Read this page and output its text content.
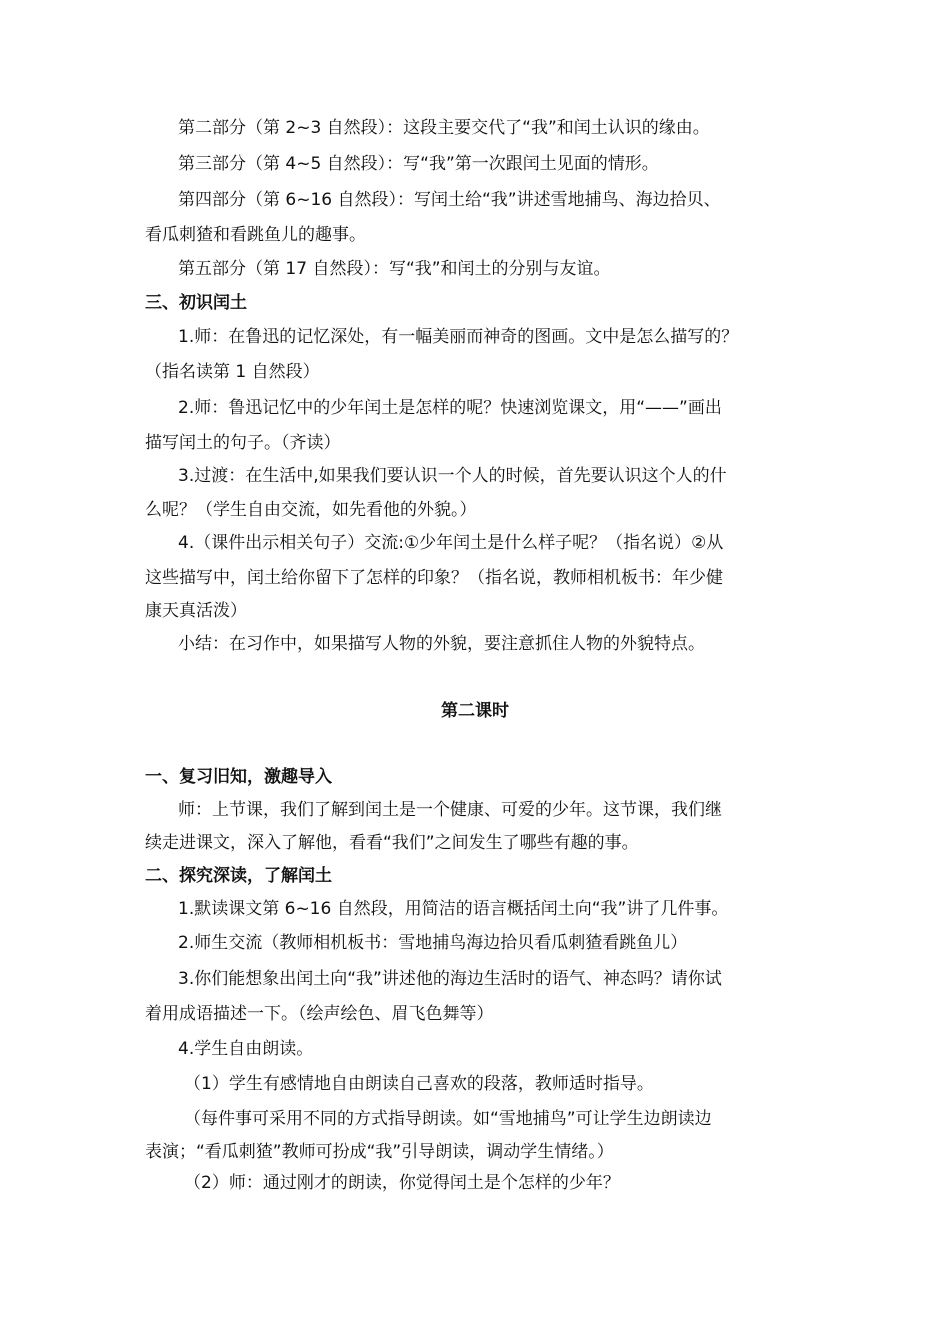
第二部分（第 2~3 自然段）：这段主要交代了“我”和闰土认识的缘由。
第三部分（第 4~5 自然段）：写“我”第一次跟闰土见面的情形。
第四部分（第 6~16 自然段）：写闰土给“我”讲述雪地捕鸟、海边拾贝、
看瓜刺猹和看跳鱼儿的趣事。
第五部分（第 17 自然段）：写“我”和闰土的分别与友谊。
三、初识闰土
1.师：在鲁迅的记忆深处，有一幅美丽而神奇的图画。文中是怎么描写的？
（指名读第 1 自然段）
2.师：鲁迅记忆中的少年闰土是怎样的呢？快速浏览课文，用“——”画出
描写闰土的句子。（齐读）
3.过渡：在生活中,如果我们要认识一个人的时候，首先要认识这个人的什
么呢？（学生自由交流，如先看他的外貌。）
4.（课件出示相关句子）交流:①少年闰土是什么样子呢？（指名说）②从
这些描写中，闰土给你留下了怎样的印象？（指名说，教师相机板书：年少健
康天真活泼）
小结：在习作中，如果描写人物的外貌，要注意抓住人物的外貌特点。
第二课时
一、复习旧知，激趣导入
师：上节课，我们了解到闰土是一个健康、可爱的少年。这节课，我们继
续走进课文，深入了解他，看看“我们”之间发生了哪些有趣的事。
二、探究深读，了解闰土
1.默读课文第 6~16 自然段，用简洁的语言概括闰土向“我”讲了几件事。
2.师生交流（教师相机板书：雪地捕鸟海边拾贝看瓜刺猹看跳鱼儿）
3.你们能想象出闰土向“我”讲述他的海边生活时的语气、神态吗？请你试
着用成语描述一下。（绘声绘色、眉飞色舞等）
4.学生自由朗读。
（1）学生有感情地自由朗读自己喜欢的段落，教师适时指导。
（每件事可采用不同的方式指导朗读。如“雪地捕鸟”可让学生边朗读边
表演；“看瓜刺猹”教师可扮成“我”引导朗读，调动学生情绪。）
（2）师：通过刚才的朗读，你觉得闰土是个怎样的少年？
